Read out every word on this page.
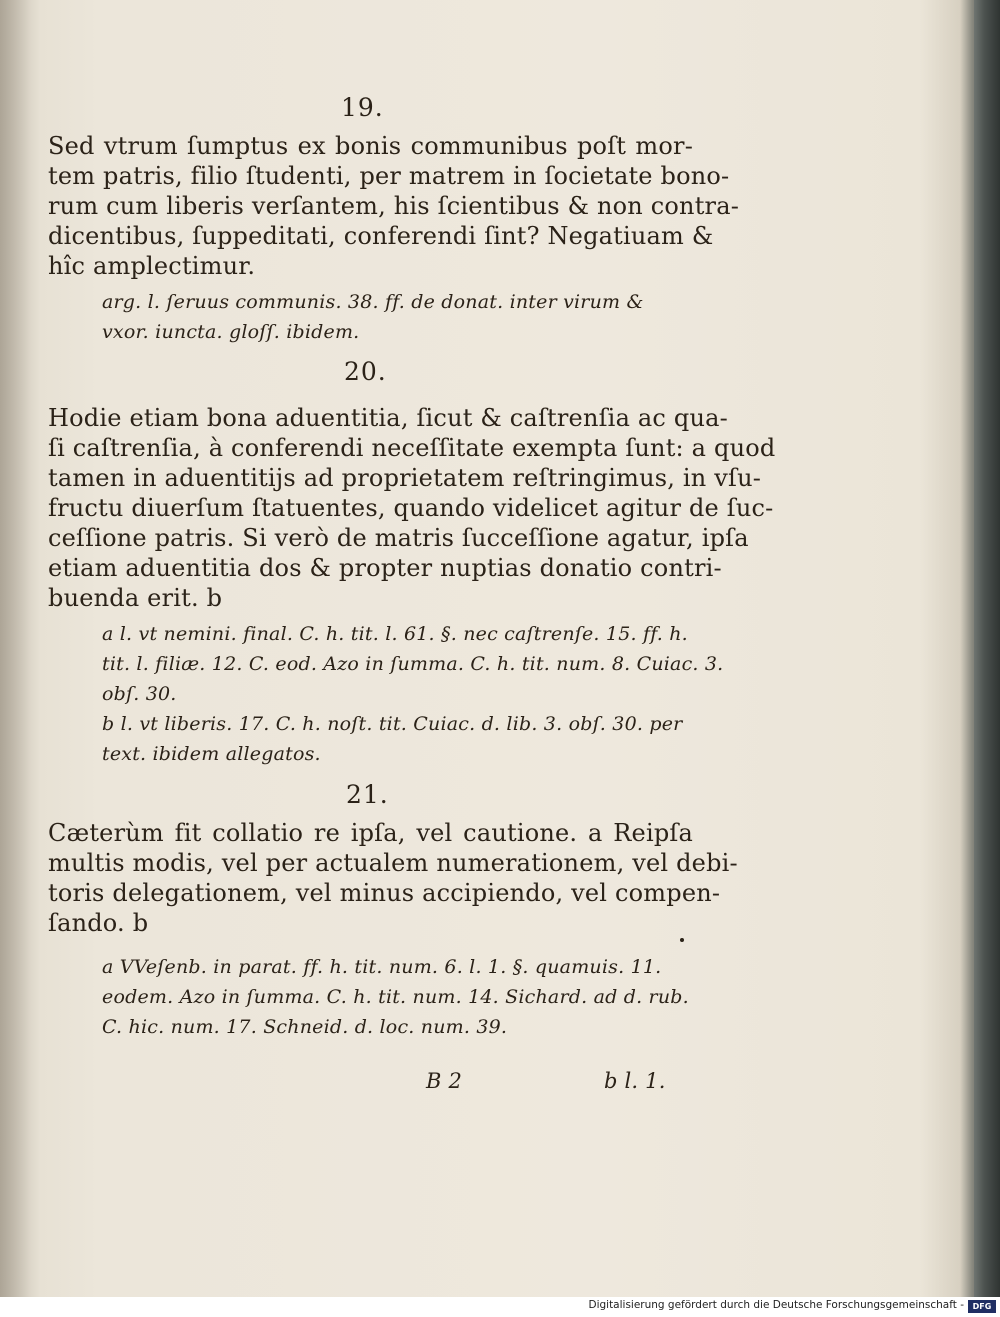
19.
Sed vtrum ſumptus ex bonis communibus poſt mor-
tem patris, filio ſtudenti, per matrem in ſocietate bono-
rum cum liberis verſantem, his ſcientibus & non contra-
dicentibus, ſuppeditati, conferendi ſint? Negatiuam &
hîc amplectimur.
arg. l. ſeruus communis. 38. ff. de donat. inter virum &
vxor. iuncta. gloſſ. ibidem.
20.
Hodie etiam bona aduentitia, ſicut & caſtrenſia ac qua-
ſi caſtrenſia, à conferendi neceſſitate exempta ſunt: a quod
tamen in aduentitijs ad proprietatem reſtringimus, in vſu-
fructu diuerſum ſtatuentes, quando videlicet agitur de ſuc-
ceſſione patris. Si verò de matris ſucceſſione agatur, ipſa
etiam aduentitia dos & propter nuptias donatio contri-
buenda erit. b
a l. vt nemini. final. C. h. tit. l. 61. §. nec caſtrenſe. 15. ff. h.
tit. l. filiæ. 12. C. eod. Azo in ſumma. C. h. tit. num. 8. Cuiac. 3.
obſ. 30.
b l. vt liberis. 17. C. h. noſt. tit. Cuiac. d. lib. 3. obſ. 30. per
text. ibidem allegatos.
21.
Cæterùm fit collatio re ipſa, vel cautione. a Reipſa
multis modis, vel per actualem numerationem, vel debi-
toris delegationem, vel minus accipiendo, vel compen-
ſando. b
a VVeſenb. in parat. ff. h. tit. num. 6. l. 1. §. quamuis. 11.
eodem. Azo in ſumma. C. h. tit. num. 14. Sichard. ad d. rub.
C. hic. num. 17. Schneid. d. loc. num. 39.
B 2	b l. 1.
Digitalisierung gefördert durch die Deutsche Forschungsgemeinschaft -	DFG
